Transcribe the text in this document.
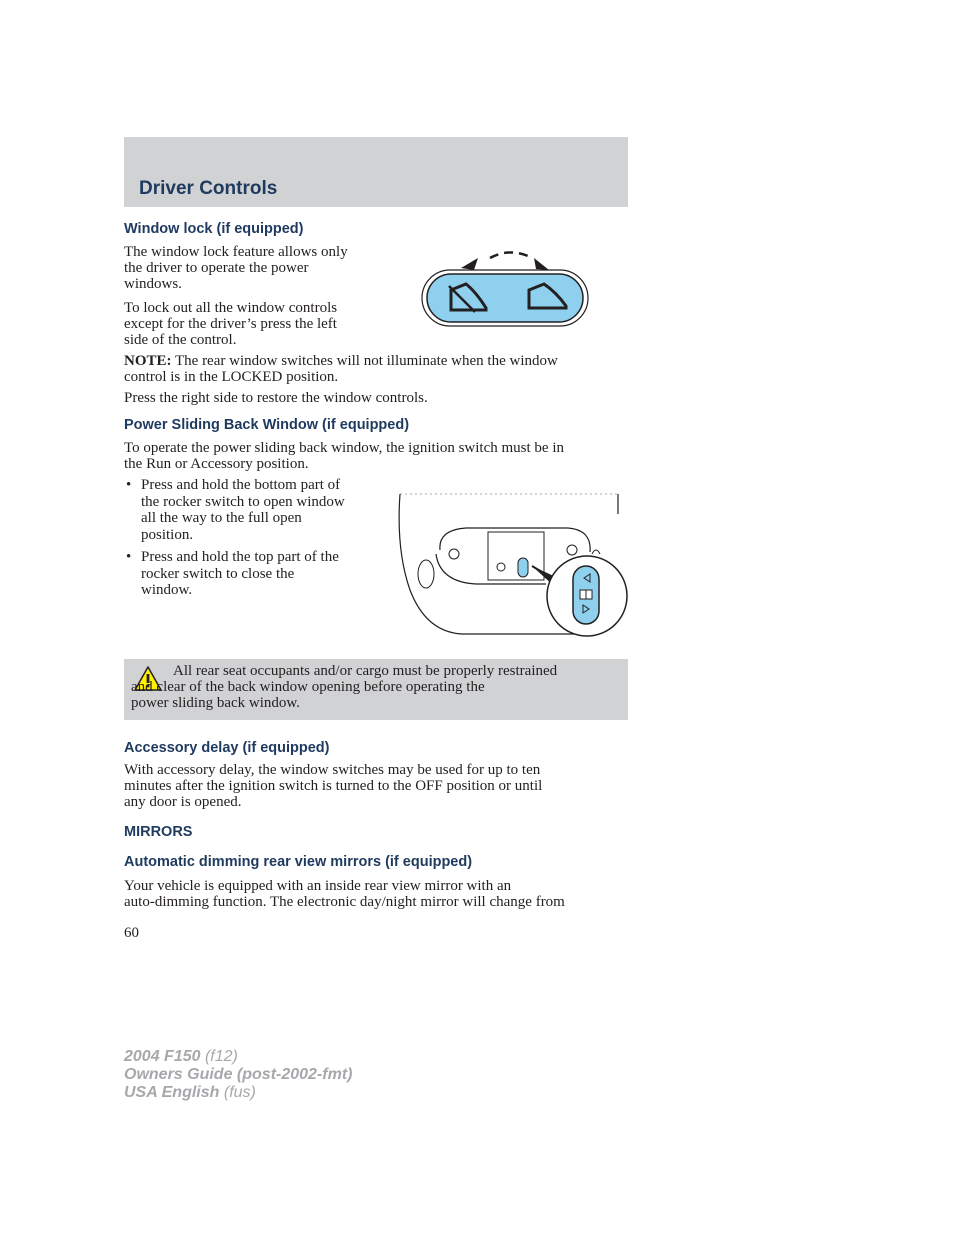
Driver Controls
Window lock (if equipped)
The window lock feature allows only
the driver to operate the power
windows.
To lock out all the window controls
except for the driver’s press the left
side of the control.
NOTE: The rear window switches will not illuminate when the window
control is in the LOCKED position.
Press the right side to restore the window controls.
Power Sliding Back Window (if equipped)
To operate the power sliding back window, the ignition switch must be in
the Run or Accessory position.
• Press and hold the bottom part of
the rocker switch to open window
all the way to the full open
position.
• Press and hold the top part of the
rocker switch to close the
window.
All rear seat occupants and/or cargo must be properly restrained
and clear of the back window opening before operating the
power sliding back window.
Accessory delay (if equipped)
With accessory delay, the window switches may be used for up to ten
minutes after the ignition switch is turned to the OFF position or until
any door is opened.
MIRRORS
Automatic dimming rear view mirrors (if equipped)
Your vehicle is equipped with an inside rear view mirror with an
auto-dimming function. The electronic day/night mirror will change from
60
2004 F150 (f12)
Owners Guide (post-2002-fmt)
USA English (fus)
